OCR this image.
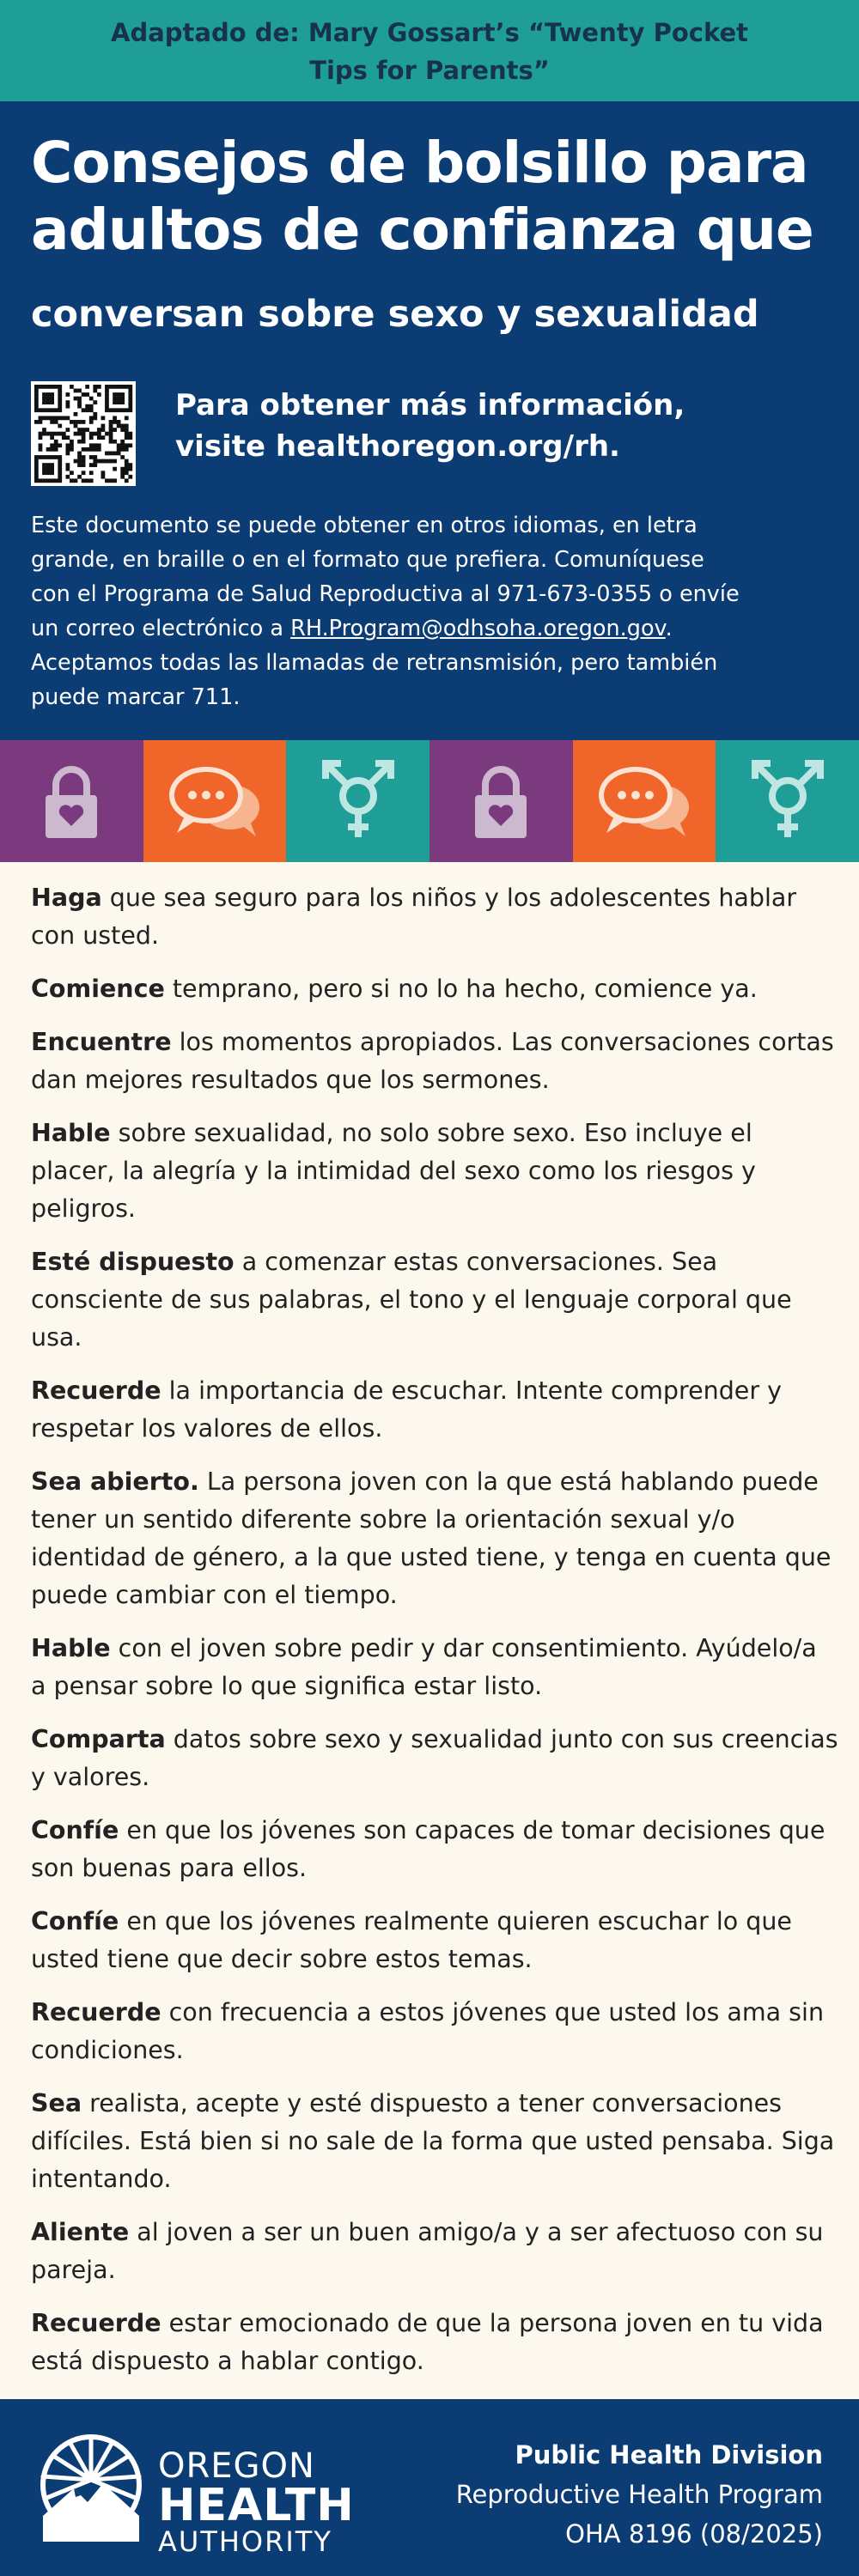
Adaptado de: Mary Gossart’s “Twenty Pocket
Tips for Parents”
Consejos de bolsillo para
adultos de confianza que
conversan sobre sexo y sexualidad
Para obtener más información,
visite healthoregon.org/rh.
Este documento se puede obtener en otros idiomas, en letra
grande, en braille o en el formato que prefiera. Comuníquese
con el Programa de Salud Reproductiva al 971-673-0355 o envíe
un correo electrónico a RH.Program@odhsoha.oregon.gov.
Aceptamos todas las llamadas de retransmisión, pero también
puede marcar 711.

Haga que sea seguro para los niños y los adolescentes hablar con usted.

Comience temprano, pero si no lo ha hecho, comience ya.

Encuentre los momentos apropiados. Las conversaciones cortas dan mejores resultados que los sermones.

Hable sobre sexualidad, no solo sobre sexo. Eso incluye el placer, la alegría y la intimidad del sexo como los riesgos y peligros.

Esté dispuesto a comenzar estas conversaciones. Sea consciente de sus palabras, el tono y el lenguaje corporal que usa.

Recuerde la importancia de escuchar. Intente comprender y respetar los valores de ellos.

Sea abierto. La persona joven con la que está hablando puede tener un sentido diferente sobre la orientación sexual y/o identidad de género, a la que usted tiene, y tenga en cuenta que puede cambiar con el tiempo.

Hable con el joven sobre pedir y dar consentimiento. Ayúdelo/a a pensar sobre lo que significa estar listo.

Comparta datos sobre sexo y sexualidad junto con sus creencias y valores.

Confíe en que los jóvenes son capaces de tomar decisiones que son buenas para ellos.

Confíe en que los jóvenes realmente quieren escuchar lo que usted tiene que decir sobre estos temas.

Recuerde con frecuencia a estos jóvenes que usted los ama sin condiciones.

Sea realista, acepte y esté dispuesto a tener conversaciones difíciles. Está bien si no sale de la forma que usted pensaba. Siga intentando.

Aliente al joven a ser un buen amigo/a y a ser afectuoso con su pareja.

Recuerde estar emocionado de que la persona joven en tu vida está dispuesto a hablar contigo.

OREGON
HEALTH
AUTHORITY
Public Health Division
Reproductive Health Program
OHA 8196 (08/2025)
